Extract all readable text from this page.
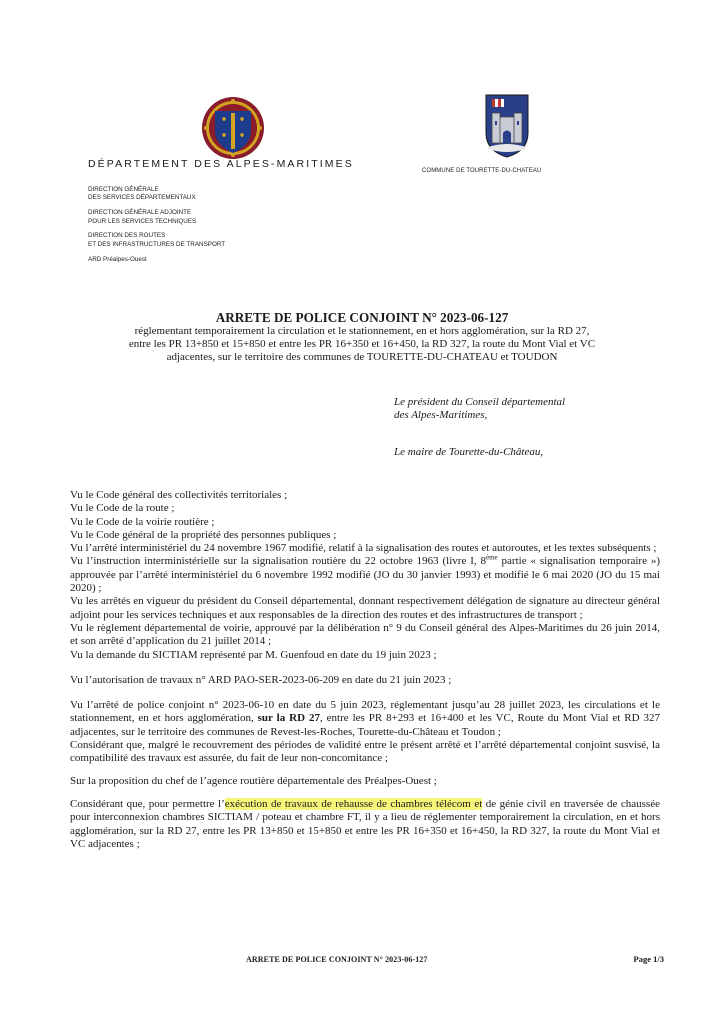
DÉPARTEMENT DES ALPES-MARITIMES
COMMUNE DE TOURETTE-DU-CHATEAU
DIRECTION GÉNÉRALE
DES SERVICES DÉPARTEMENTAUX
DIRECTION GÉNÉRALE ADJOINTE
POUR LES SERVICES TECHNIQUES
DIRECTION DES ROUTES
ET DES INFRASTRUCTURES DE TRANSPORT
ARD Préalpes-Ouest
ARRETE DE POLICE CONJOINT N° 2023-06-127
réglementant temporairement la circulation et le stationnement, en et hors agglomération, sur la RD 27,
entre les PR 13+850 et 15+850 et entre les PR 16+350 et 16+450, la RD 327, la route du Mont Vial et VC
adjacentes, sur le territoire des communes de TOURETTE-DU-CHATEAU et TOUDON
Le président du Conseil départemental
des Alpes-Maritimes,
Le maire de Tourette-du-Château,

Vu le Code général des collectivités territoriales ;

Vu le Code de la route ;

Vu le Code de la voirie routière ;

Vu le Code général de la propriété des personnes publiques ;

Vu l’arrêté interministériel du 24 novembre 1967 modifié, relatif à la signalisation des routes et autoroutes, et les textes subséquents ;

Vu l’instruction interministérielle sur la signalisation routière du 22 octobre 1963 (livre I, 8ème partie « signalisation temporaire ») approuvée par l’arrêté interministériel du 6 novembre 1992 modifié (JO du 30 janvier 1993) et modifié le 6 mai 2020 (JO du 15 mai 2020) ;

Vu les arrêtés en vigueur du président du Conseil départemental, donnant respectivement délégation de signature au directeur général adjoint pour les services techniques et aux responsables de la direction des routes et des infrastructures de transport ;

Vu le règlement départemental de voirie, approuvé par la délibération n° 9 du Conseil général des Alpes-Maritimes du 26 juin 2014, et son arrêté d’application du 21 juillet 2014 ;

Vu la demande du SICTIAM représenté par M. Guenfoud en date du 19 juin 2023 ;

Vu l’autorisation de travaux n° ARD PAO-SER-2023-06-209 en date du 21 juin 2023 ;

Vu l’arrêté de police conjoint n° 2023-06-10 en date du 5 juin 2023, réglementant jusqu’au 28 juillet 2023, les circulations et le stationnement, en et hors agglomération, sur la RD 27, entre les PR 8+293 et 16+400 et les VC, Route du Mont Vial et RD 327 adjacentes, sur le territoire des communes de Revest-les-Roches, Tourette-du-Château et Toudon ;

Considérant que, malgré le recouvrement des périodes de validité entre le présent arrêté et l’arrêté départemental conjoint susvisé, la compatibilité des travaux est assurée, du fait de leur non-concomitance ;

Sur la proposition du chef de l’agence routière départementale des Préalpes-Ouest ;

Considérant que, pour permettre l’exécution de travaux de rehausse de chambres télécom et de génie civil en traversée de chaussée pour interconnexion chambres SICTIAM / poteau et chambre FT, il y a lieu de réglementer temporairement la circulation, en et hors agglomération, sur la RD 27, entre les PR 13+850 et 15+850 et entre les PR 16+350 et 16+450, la RD 327, la route du Mont Vial et VC adjacentes ;

ARRETE DE POLICE CONJOINT N° 2023-06-127	Page 1/3
